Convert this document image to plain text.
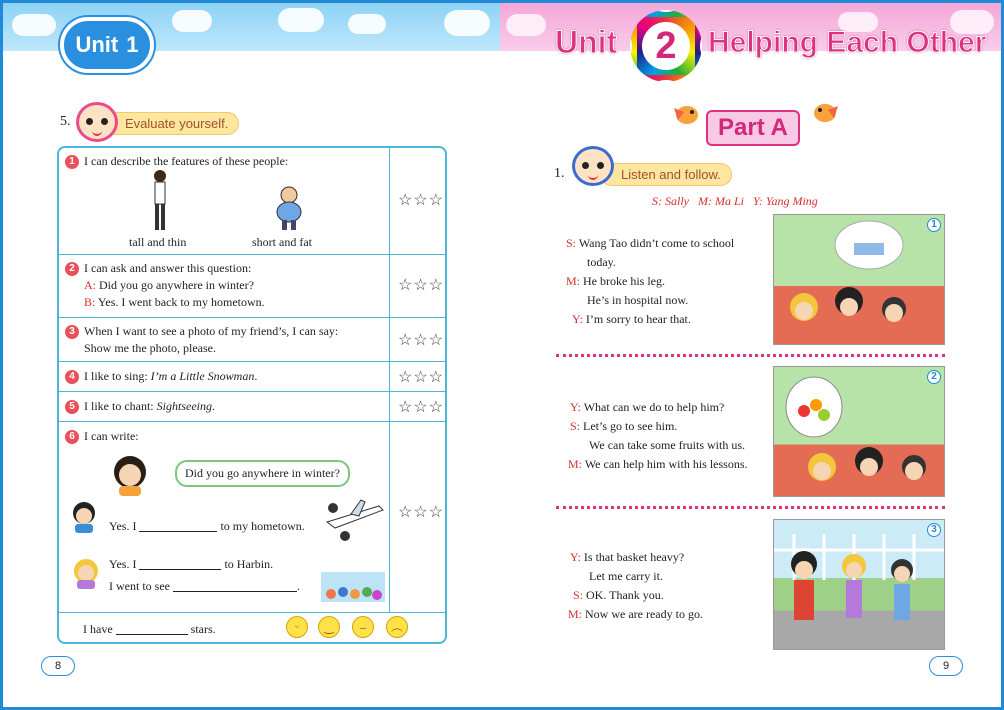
Unit 1	Unit	2	Helping Each Other
5.	Evaluate yourself.
1 I can describe the features of these people:
tall and thin	short and fat
☆☆☆
2 I can ask and answer this question:
A: Did you go anywhere in winter?
B: Yes. I went back to my hometown.
☆☆☆
3 When I want to see a photo of my friend’s, I can say:
Show me the photo, please.	☆☆☆
4 I like to sing: I’m a Little Snowman.	☆☆☆
5 I like to chant: Sightseeing.	☆☆☆
6 I can write:
Did you go anywhere in winter?
Yes. I	to my hometown.
Yes. I	to Harbin.
I went to see	.
☆☆☆
I have	stars.	ᵕ	‿	–	︵
8
Part A
1.	Listen and follow.
S: Sally   M: Ma Li   Y: Yang Ming
S: Wang Tao didn’t come to school
today.
M: He broke his leg.
He’s in hospital now.
Y: I’m sorry to hear that.
1
Y: What can we do to help him?
S: Let’s go to see him.
We can take some fruits with us.
M: We can help him with his lessons.
2
Y: Is that basket heavy?
Let me carry it.
S: OK. Thank you.
M: Now we are ready to go.
3
9
